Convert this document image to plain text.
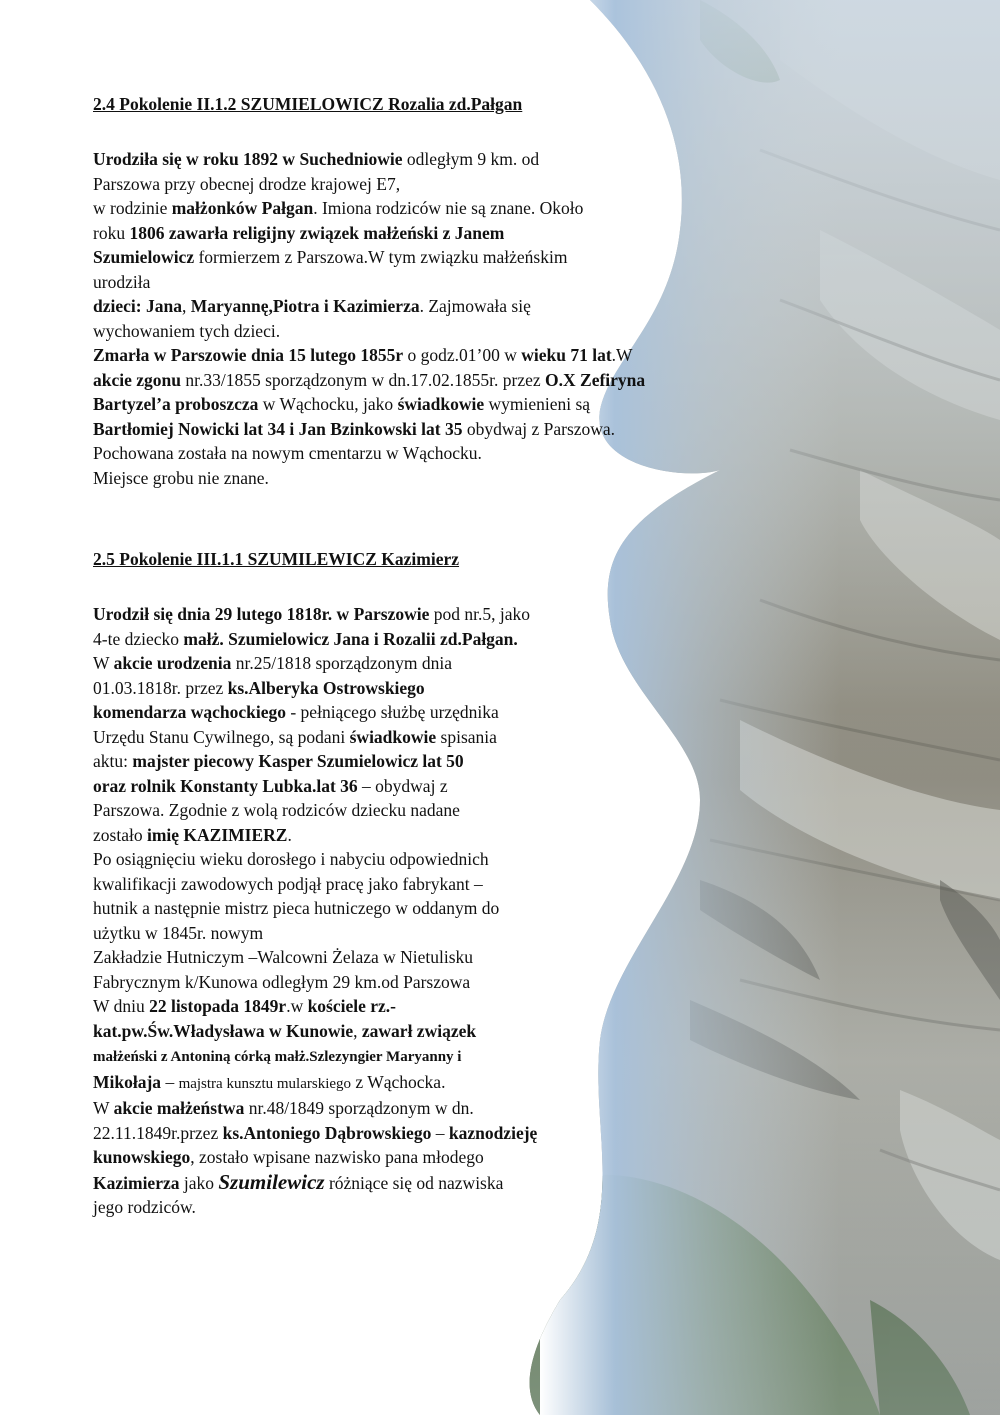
2.4 Pokolenie II.1.2 SZUMIELOWICZ Rozalia zd.Pałgan
Urodziła się w roku 1892 w Suchedniowie odległym 9 km. od
Parszowa przy obecnej drodze krajowej E7,
w rodzinie małżonków Pałgan. Imiona rodziców nie są znane. Około
roku 1806 zawarła religijny związek małżeński z Janem
Szumielowicz formierzem z Parszowa.W tym związku małżeńskim
urodziła
dzieci: Jana, Maryannę,Piotra i Kazimierza. Zajmowała się
wychowaniem tych dzieci.
Zmarła w Parszowie dnia 15 lutego 1855r o godz.01’00 w wieku 71 lat.W
akcie zgonu nr.33/1855 sporządzonym w dn.17.02.1855r. przez O.X Zefiryna
Bartyzel’a proboszcza w Wąchocku, jako świadkowie wymienieni są
Bartłomiej Nowicki lat 34 i Jan Bzinkowski lat 35 obydwaj z Parszowa.
Pochowana została na nowym cmentarzu w Wąchocku.
Miejsce grobu nie znane.
2.5 Pokolenie III.1.1 SZUMILEWICZ Kazimierz
Urodził się dnia 29 lutego 1818r. w Parszowie pod nr.5, jako
4-te dziecko małż. Szumielowicz Jana i Rozalii zd.Pałgan.
W akcie urodzenia nr.25/1818 sporządzonym dnia
01.03.1818r. przez ks.Alberyka Ostrowskiego
komendarza wąchockiego - pełniącego służbę urzędnika
Urzędu Stanu Cywilnego, są podani świadkowie spisania
aktu: majster piecowy Kasper Szumielowicz lat 50
oraz rolnik Konstanty Lubka.lat 36 – obydwaj z
Parszowa. Zgodnie z wolą rodziców dziecku nadane
zostało imię KAZIMIERZ.
Po osiągnięciu wieku dorosłego i nabyciu odpowiednich
kwalifikacji zawodowych podjął pracę jako fabrykant –
hutnik a następnie mistrz pieca hutniczego w oddanym do
użytku w 1845r. nowym
Zakładzie Hutniczym –Walcowni Żelaza w Nietulisku
Fabrycznym k/Kunowa odległym 29 km.od Parszowa
W dniu 22 listopada 1849r.w kościele rz.-
kat.pw.Św.Władysława w Kunowie, zawarł związek
małżeński z Antoniną córką małż.Szlezyngier Maryanny i
Mikołaja – majstra kunsztu mularskiego z Wąchocka.
W akcie małżeństwa nr.48/1849 sporządzonym w dn.
22.11.1849r.przez ks.Antoniego Dąbrowskiego – kaznodzieję
kunowskiego, zostało wpisane nazwisko pana młodego
Kazimierza jako Szumilewicz różniące się od nazwiska
jego rodziców.
